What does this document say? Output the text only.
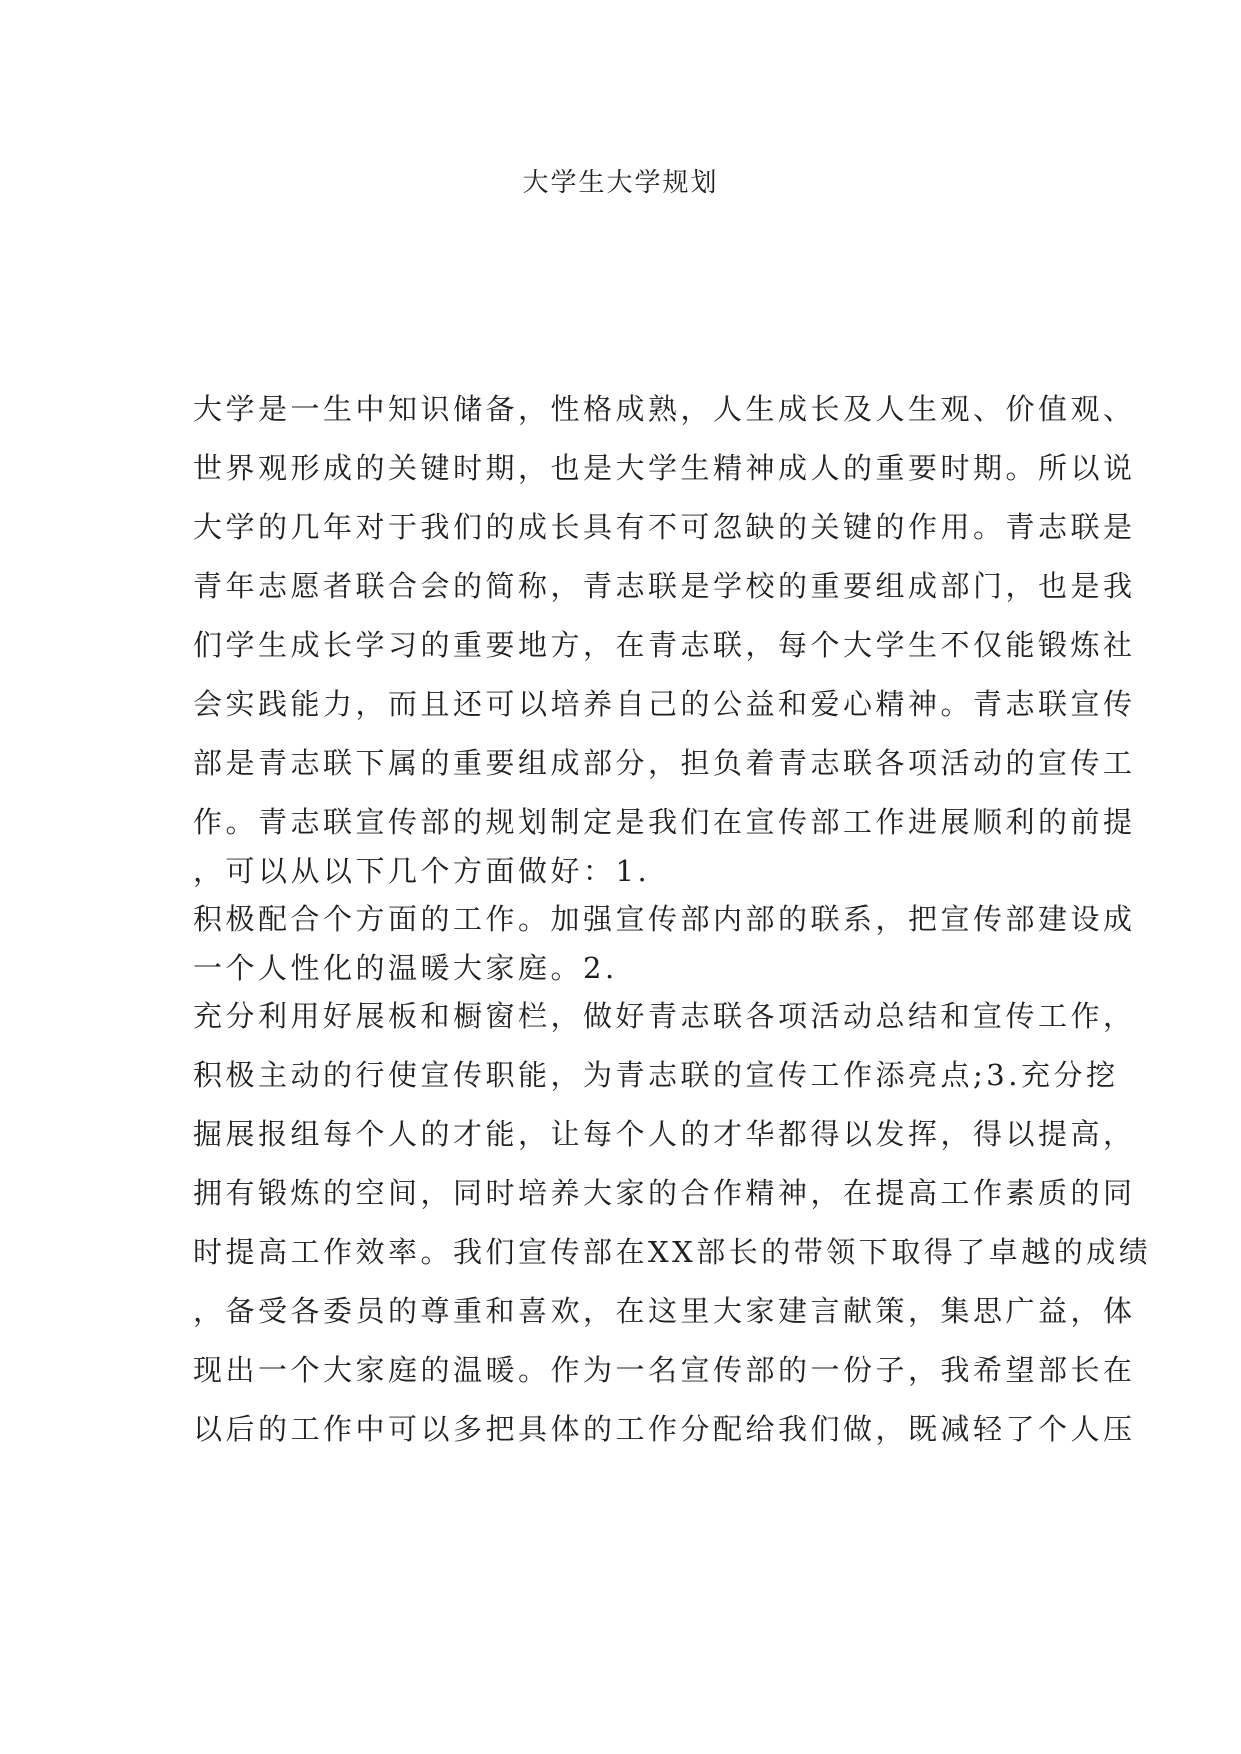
大学生大学规划
大学是一生中知识储备，性格成熟，人生成长及人生观、价值观、
世界观形成的关键时期，也是大学生精神成人的重要时期。所以说
大学的几年对于我们的成长具有不可忽缺的关键的作用。青志联是
青年志愿者联合会的简称，青志联是学校的重要组成部门，也是我
们学生成长学习的重要地方，在青志联，每个大学生不仅能锻炼社
会实践能力，而且还可以培养自己的公益和爱心精神。青志联宣传
部是青志联下属的重要组成部分，担负着青志联各项活动的宣传工
作。青志联宣传部的规划制定是我们在宣传部工作进展顺利的前提
，可以从以下几个方面做好：1.
积极配合个方面的工作。加强宣传部内部的联系，把宣传部建设成
一个人性化的温暖大家庭。2.
充分利用好展板和橱窗栏，做好青志联各项活动总结和宣传工作，
积极主动的行使宣传职能，为青志联的宣传工作添亮点;3.充分挖
掘展报组每个人的才能，让每个人的才华都得以发挥，得以提高，
拥有锻炼的空间，同时培养大家的合作精神，在提高工作素质的同
时提高工作效率。我们宣传部在XX部长的带领下取得了卓越的成绩
，备受各委员的尊重和喜欢，在这里大家建言献策，集思广益，体
现出一个大家庭的温暖。作为一名宣传部的一份子，我希望部长在
以后的工作中可以多把具体的工作分配给我们做，既减轻了个人压
